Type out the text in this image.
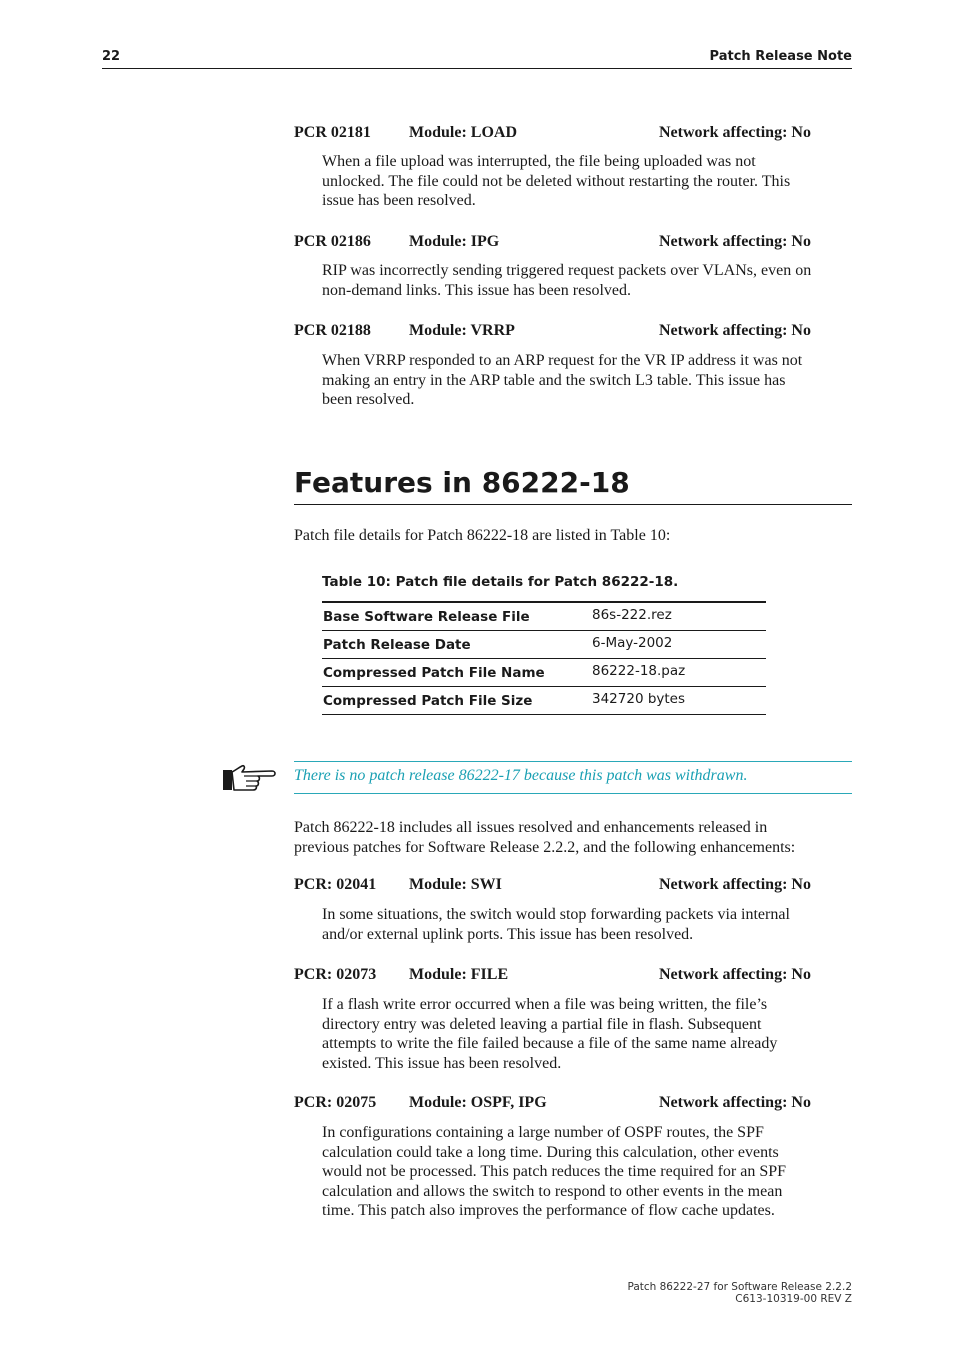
22	Patch Release Note
PCR 02181 Module: LOAD	Network affecting: No
When a file upload was interrupted, the file being uploaded was not
unlocked. The file could not be deleted without restarting the router. This
issue has been resolved.
PCR 02186 Module: IPG	Network affecting: No
RIP was incorrectly sending triggered request packets over VLANs, even on
non-demand links. This issue has been resolved.
PCR 02188 Module: VRRP	Network affecting: No
When VRRP responded to an ARP request for the VR IP address it was not
making an entry in the ARP table and the switch L3 table. This issue has
been resolved.
Features in 86222-18
Patch file details for Patch 86222-18 are listed in Table 10:
Table 10: Patch file details for Patch 86222-18.
Base Software Release File	86s-222.rez
Patch Release Date	6-May-2002
Compressed Patch File Name	86222-18.paz
Compressed Patch File Size	342720 bytes
There is no patch release 86222-17 because this patch was withdrawn.
Patch 86222-18 includes all issues resolved and enhancements released in
previous patches for Software Release 2.2.2, and the following enhancements:
PCR: 02041 Module: SWI	Network affecting: No
In some situations, the switch would stop forwarding packets via internal
and/or external uplink ports. This issue has been resolved.
PCR: 02073 Module: FILE	Network affecting: No
If a flash write error occurred when a file was being written, the file’s
directory entry was deleted leaving a partial file in flash. Subsequent
attempts to write the file failed because a file of the same name already
existed. This issue has been resolved.
PCR: 02075 Module: OSPF, IPG	Network affecting: No
In configurations containing a large number of OSPF routes, the SPF
calculation could take a long time. During this calculation, other events
would not be processed. This patch reduces the time required for an SPF
calculation and allows the switch to respond to other events in the mean
time. This patch also improves the performance of flow cache updates.
Patch 86222-27 for Software Release 2.2.2
C613-10319-00 REV Z
